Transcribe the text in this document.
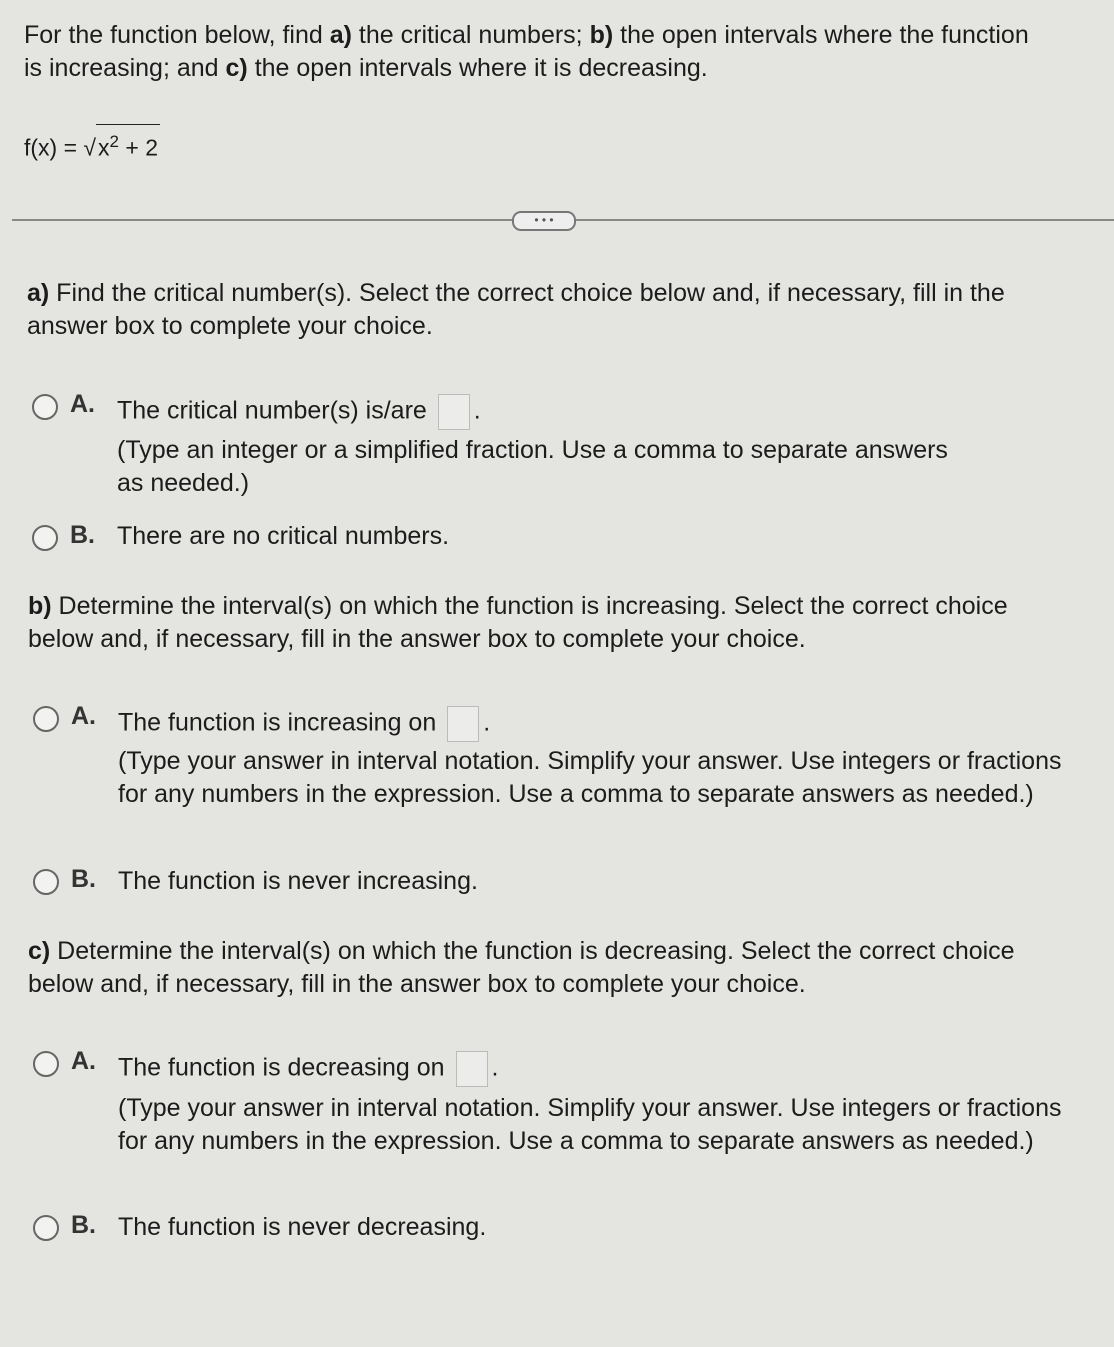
For the function below, find a) the critical numbers; b) the open intervals where the function
is increasing; and c) the open intervals where it is decreasing.
$f(x) = √x^2 + 2$
• • •
a) Find the critical number(s). Select the correct choice below and, if necessary, fill in the
answer box to complete your choice.
A. The critical number(s) is/are .
(Type an integer or a simplified fraction. Use a comma to separate answers
as needed.)
B. There are no critical numbers.
b) Determine the interval(s) on which the function is increasing. Select the correct choice
below and, if necessary, fill in the answer box to complete your choice.
A. The function is increasing on .
(Type your answer in interval notation. Simplify your answer. Use integers or fractions
for any numbers in the expression. Use a comma to separate answers as needed.)
B. The function is never increasing.
c) Determine the interval(s) on which the function is decreasing. Select the correct choice
below and, if necessary, fill in the answer box to complete your choice.
A. The function is decreasing on .
(Type your answer in interval notation. Simplify your answer. Use integers or fractions
for any numbers in the expression. Use a comma to separate answers as needed.)
B. The function is never decreasing.
